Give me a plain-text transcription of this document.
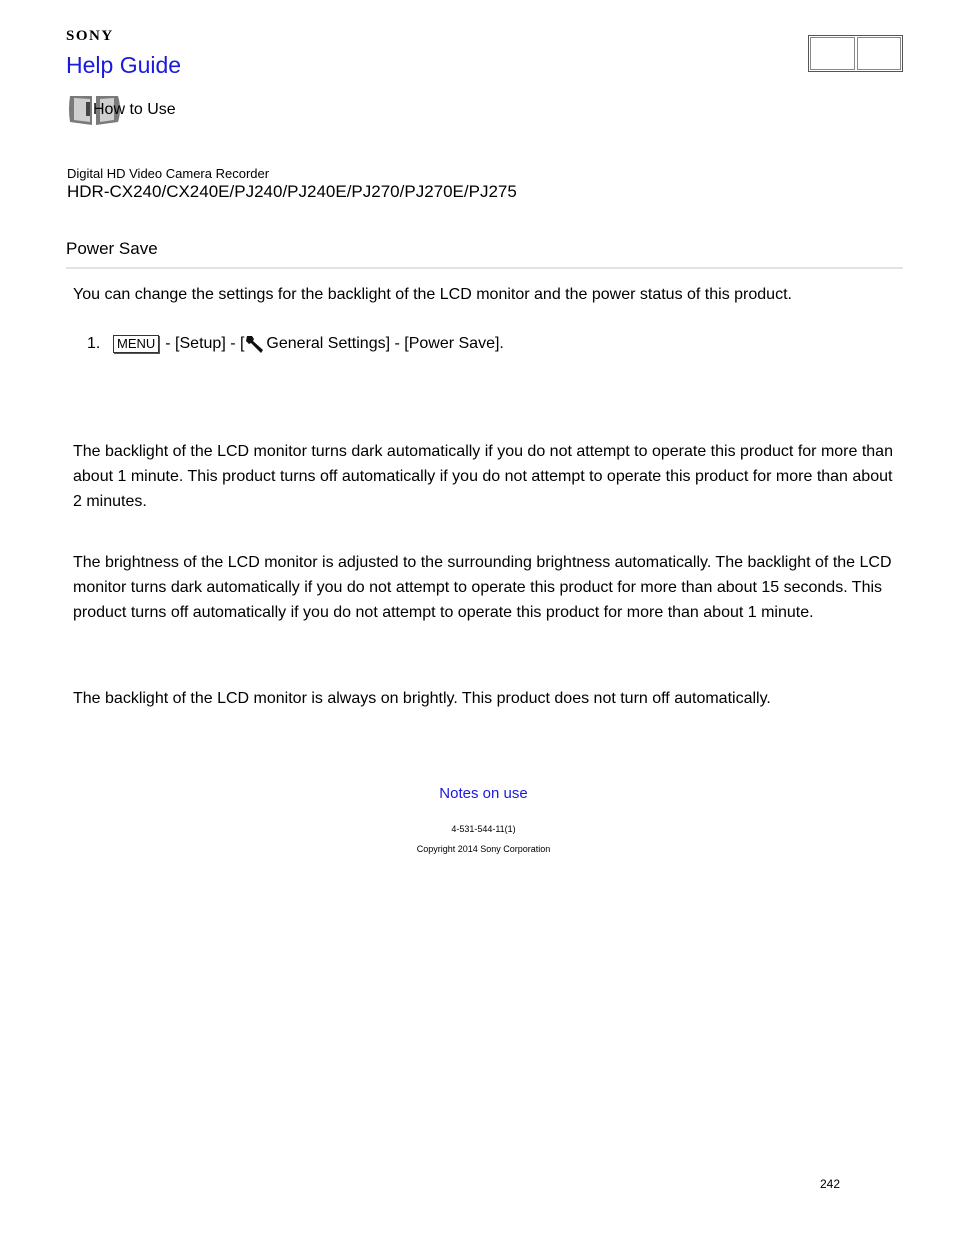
SONY
Help Guide
How to Use
Digital HD Video Camera Recorder
HDR-CX240/CX240E/PJ240/PJ240E/PJ270/PJ270E/PJ275
Power Save

You can change the settings for the backlight of the LCD monitor and the power status of this product.

1.	MENU - [Setup] - [ General Settings] - [Power Save].

The backlight of the LCD monitor turns dark automatically if you do not attempt to operate this product for more than about 1 minute. This product turns off automatically if you do not attempt to operate this product for more than about 2 minutes.

The brightness of the LCD monitor is adjusted to the surrounding brightness automatically. The backlight of the LCD monitor turns dark automatically if you do not attempt to operate this product for more than about 15 seconds. This product turns off automatically if you do not attempt to operate this product for more than about 1 minute.

The backlight of the LCD monitor is always on brightly. This product does not turn off automatically.

Notes on use
4-531-544-11(1)
Copyright 2014 Sony Corporation
242
